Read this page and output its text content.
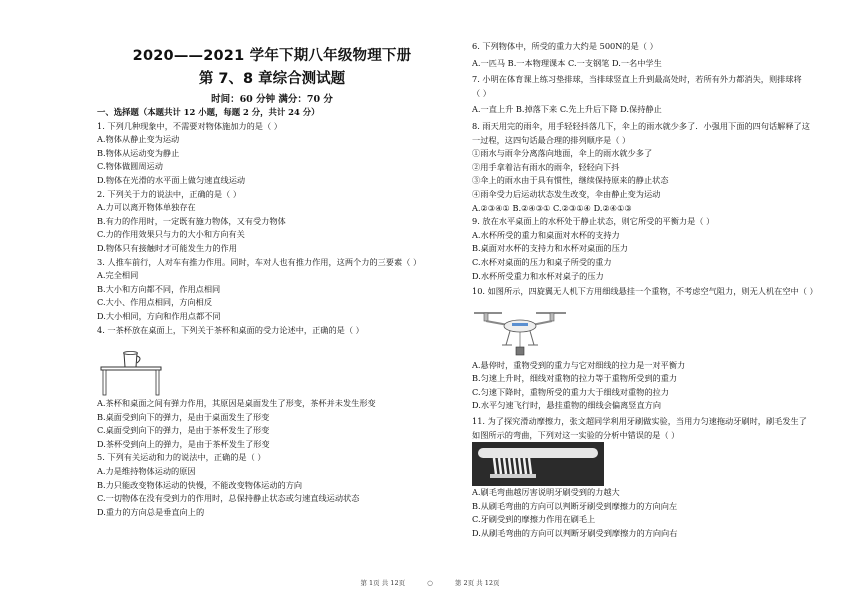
2020——2021 学年下期八年级物理下册
第 7、8 章综合测试题
时间：60 分钟 满分：70 分
一、选择题（本题共计 12 小题，每题 2 分，共计 24 分）
1. 下列几种现象中，不需要对物体施加力的是（ ）
A.物体从静止变为运动
B.物体从运动变为静止
C.物体做圆周运动
D.物体在光滑的水平面上做匀速直线运动
2. 下列关于力的说法中，正确的是（ ）
A.力可以离开物体单独存在
B.有力的作用时，一定既有施力物体，又有受力物体
C.力的作用效果只与力的大小和方向有关
D.物体只有接触时才可能发生力的作用
3. 人推车前行，人对车有推力作用。同时，车对人也有推力作用，这两个力的三要素（ ）
A.完全相同
B.大小和方向都不同，作用点相同
C.大小、作用点相同，方向相反
D.大小相同，方向和作用点都不同
4. 一茶杯放在桌面上，下列关于茶杯和桌面的受力论述中，正确的是（ ）
A.茶杯和桌面之间有弹力作用，其原因是桌面发生了形变，茶杯并未发生形变
B.桌面受到向下的弹力，是由于桌面发生了形变
C.桌面受到向下的弹力，是由于茶杯发生了形变
D.茶杯受到向上的弹力，是由于茶杯发生了形变
5. 下列有关运动和力的说法中，正确的是（ ）
A.力是维持物体运动的原因
B.力只能改变物体运动的快慢，不能改变物体运动的方向
C.一切物体在没有受到力的作用时，总保持静止状态或匀速直线运动状态
D.重力的方向总是垂直向上的
6. 下列物体中，所受的重力大约是 500N的是（ ）
A.一匹马 B.一本物理课本 C.一支钢笔 D.一名中学生
7. 小明在体育课上练习垫排球，当排球竖直上升到最高处时，若所有外力都消失，则排球将
（ ）
A.一直上升 B.掉落下来 C.先上升后下降 D.保持静止
8. 雨天用完的雨伞，用手轻轻抖落几下，伞上的雨水就少多了．小强用下面的四句话解释了这
一过程，这四句话最合理的排列顺序是（ ）
①雨水与雨伞分离落向地面，伞上的雨水就少多了
②用手拿着沾有雨水的雨伞，轻轻向下抖
③伞上的雨水由于具有惯性，继续保持原来的静止状态
④雨伞受力后运动状态发生改变，伞由静止变为运动
A.②③④① B.②④③① C.②③①④ D.②④①③
9. 放在水平桌面上的水杯处于静止状态，则它所受的平衡力是（ ）
A.水杯所受的重力和桌面对水杯的支持力
B.桌面对水杯的支持力和水杯对桌面的压力
C.水杯对桌面的压力和桌子所受的重力
D.水杯所受重力和水杯对桌子的压力
10. 如图所示，四旋翼无人机下方用细线悬挂一个重物，不考虑空气阻力，则无人机在空中（ ）
A.悬停时，重物受到的重力与它对细线的拉力是一对平衡力
B.匀速上升时，细线对重物的拉力等于重物所受到的重力
C.匀速下降时，重物所受的重力大于细线对重物的拉力
D.水平匀速飞行时，悬挂重物的细线会偏离竖直方向
11. 为了探究滑动摩擦力，张文超同学利用牙刷做实验，当用力匀速拖动牙刷时，刷毛发生了
如图所示的弯曲，下列对这一实验的分析中错误的是（ ）
A.刷毛弯曲越厉害说明牙刷受到的力越大
B.从刷毛弯曲的方向可以判断牙刷受到摩擦力的方向向左
C.牙刷受到的摩擦力作用在刷毛上
D.从刷毛弯曲的方向可以判断牙刷受到摩擦力的方向向右
第 1页 共 12页	○	第 2页 共 12页
